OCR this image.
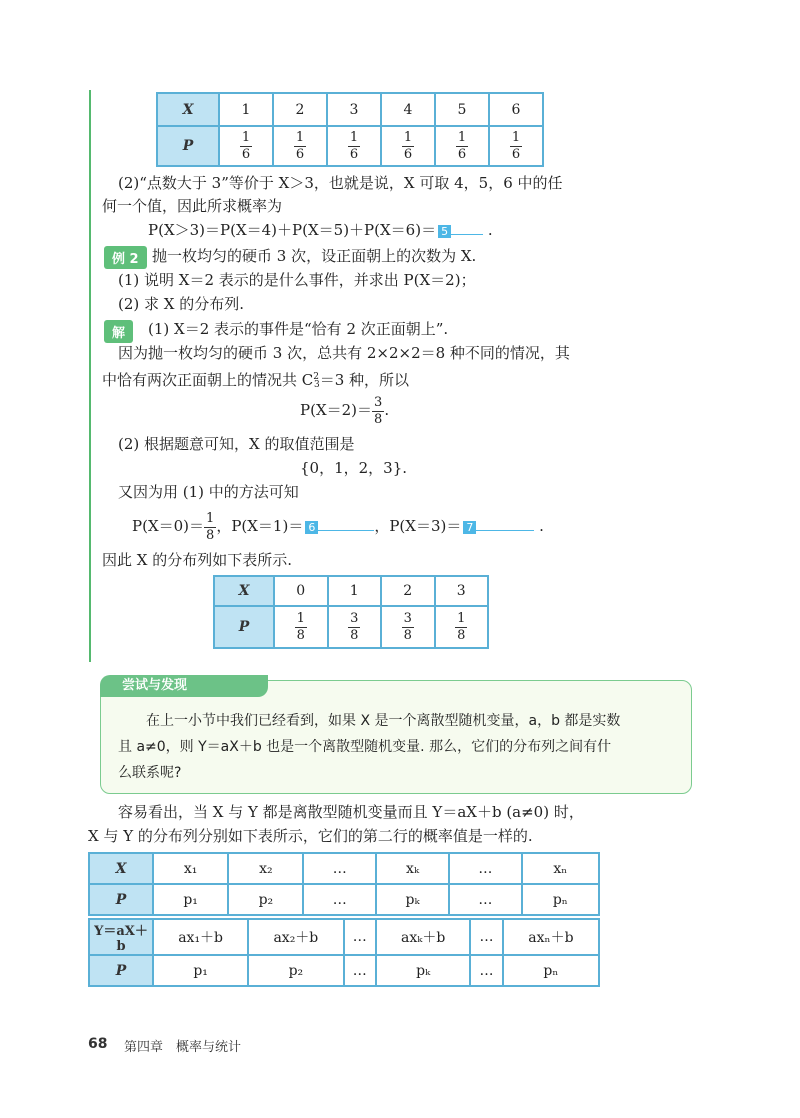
X	1	2	3	4	5	6
P	$\frac{1}{6}$	$\frac{1}{6}$	$\frac{1}{6}$	$\frac{1}{6}$	$\frac{1}{6}$	$\frac{1}{6}$
(2)“点数大于 3”等价于 X＞3，也就是说，X 可取 4，5，6 中的任
何一个值，因此所求概率为
P(X＞3)＝P(X＝4)＋P(X＝5)＋P(X＝6)＝ 5 .
例 2 抛一枚均匀的硬币 3 次，设正面朝上的次数为 X.
(1) 说明 X＝2 表示的是什么事件，并求出 P(X＝2)；
(2) 求 X 的分布列.
解	(1) X＝2 表示的事件是“恰有 2 次正面朝上”.
因为抛一枚均匀的硬币 3 次，总共有 2×2×2＝8 种不同的情况，其
中恰有两次正面朝上的情况共 $C^2_3=3$ 种，所以
$P(X=2)= \frac{3}{8}$ .
(2) 根据题意可知，X 的取值范围是
{0，1，2，3}.
又因为用 (1) 中的方法可知
$P(X=0)= \frac{1}{8}$ ，P(X＝1)＝ 6	，P(X＝3)＝ 7	.
因此 X 的分布列如下表所示.
X	0	1	2	3
P	$\frac{1}{8}$	$\frac{3}{8}$	$\frac{3}{8}$	$\frac{1}{8}$
尝试与发现
在上一小节中我们已经看到，如果 X 是一个离散型随机变量，a，b 都是实数
且 a≠0，则 Y＝aX＋b 也是一个离散型随机变量. 那么，它们的分布列之间有什
么联系呢?
容易看出，当 X 与 Y 都是离散型随机变量而且 Y＝aX＋b (a≠0) 时，
X 与 Y 的分布列分别如下表所示，它们的第二行的概率值是一样的.
X	x₁	x₂	…	xₖ	…	xₙ
P	p₁	p₂	…	pₖ	…	pₙ
Y＝aX＋b	ax₁＋b	ax₂＋b	…	axₖ＋b	…	axₙ＋b
P	p₁	p₂	…	pₖ	…	pₙ
68 第四章　概率与统计
